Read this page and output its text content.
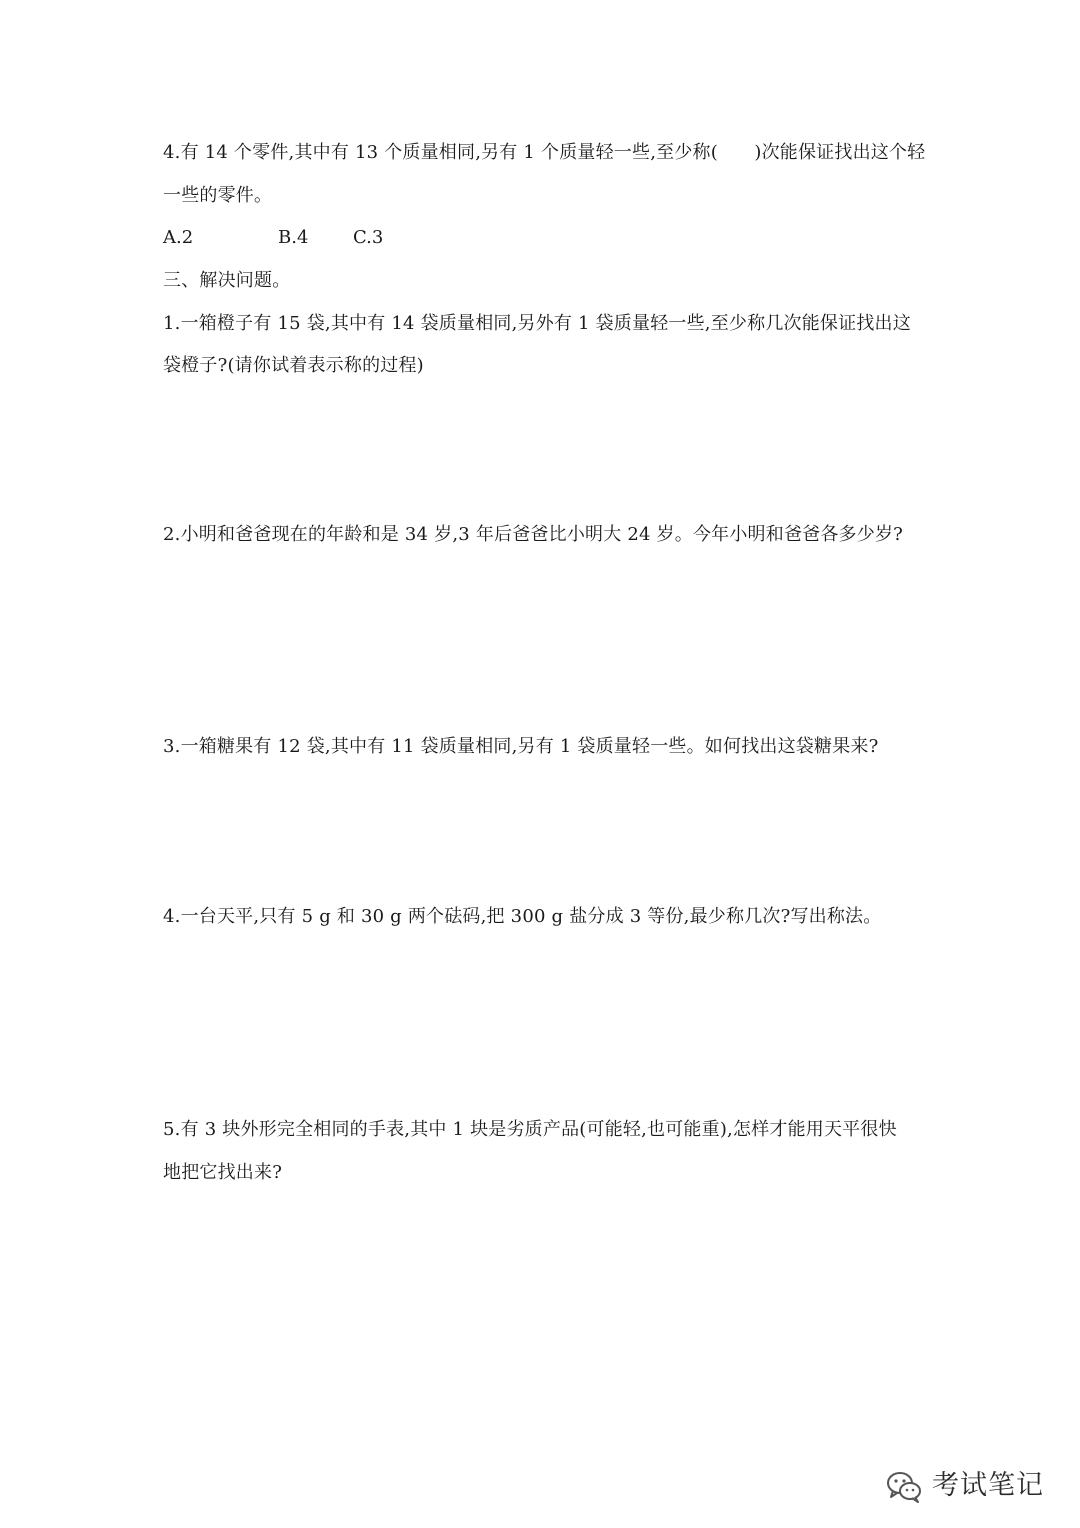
4.有 14 个零件,其中有 13 个质量相同,另有 1 个质量轻一些,至少称(　　)次能保证找出这个轻
一些的零件。
A.2	B.4 C.3
三、解决问题。
1.一箱橙子有 15 袋,其中有 14 袋质量相同,另外有 1 袋质量轻一些,至少称几次能保证找出这
袋橙子?(请你试着表示称的过程)
2.小明和爸爸现在的年龄和是 34 岁,3 年后爸爸比小明大 24 岁。今年小明和爸爸各多少岁?
3.一箱糖果有 12 袋,其中有 11 袋质量相同,另有 1 袋质量轻一些。如何找出这袋糖果来?
4.一台天平,只有 5 g 和 30 g 两个砝码,把 300 g 盐分成 3 等份,最少称几次?写出称法。
5.有 3 块外形完全相同的手表,其中 1 块是劣质产品(可能轻,也可能重),怎样才能用天平很快
地把它找出来?
考试笔记
